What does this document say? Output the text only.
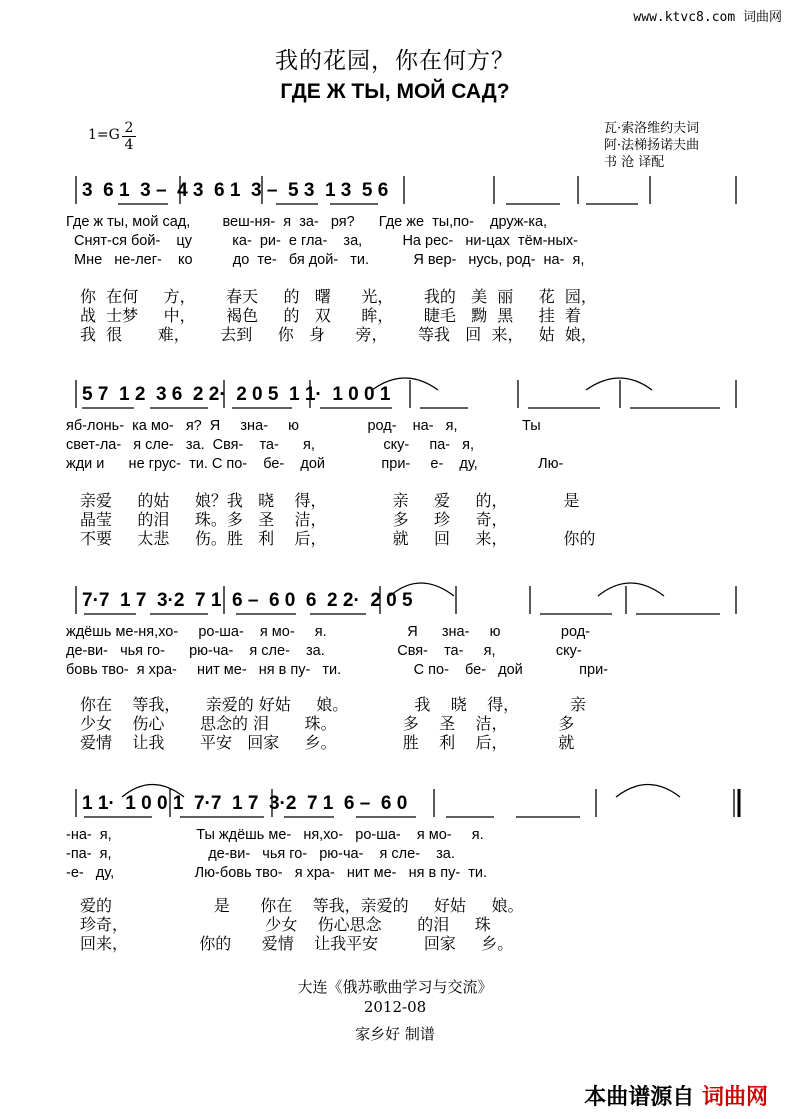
www.ktvc8.com 词曲网
我的花园，你在何方？
ГДЕ Ж ТЫ, МОЙ САД?
$1=G \frac{2}{4}$	瓦·索洛维约夫词
阿·法梯扬诺夫曲
书 沧 译配
3  6 1  3 –  4 3  6 1  3 –  5 3  1 3  5 6
Где ж ты, мой сад,        веш-ня-  я  за-   ря?      Где же  ты,по-    друж-ка,
Снят-ся бой-    цу          ка-  ри-  е гла-    за,          На рес-   ни-цах  тём-ных-
Мне   не-лег-    ко          до  те-   бя дой-   ти.           Я вер-   нусь, род-  на-  я,
你  在何     方，      春天     的   曙      光，      我的   美  丽     花  园，
战  士梦     中，      褐色     的   双      眸，      睫毛   黝  黑     挂  着
我  很       难，      去到     你   身      旁，      等我   回  来，   姑  娘，
5 7  1 2  3 6  2 2·  2 0 5  1 1·  1 0 0 1
яб-лонь-  ка мо-   я?  Я     зна-     ю                 род-    на-   я,                Ты
свет-ла-   я сле-   за.  Свя-    та-      я,                 ску-     па-   я,
жди и      не грус-  ти. С по-    бе-    дой              при-     е-    ду,               Лю-
亲爱     的姑     娘？我   晓    得，             亲     爱     的，           是
晶莹     的泪     珠。多   圣    洁，             多     珍     奇，
不要     太悲     伤。胜   利    后，             就     回     来，           你的
7·7  1 7  3·2  7 1  6 –  6 0  6  2 2·  2 0 5
ждёшь ме-ня,хо-     ро-ша-    я мо-     я.                    Я      зна-     ю               род-
де-ви-   чья го-      рю-ча-    я сле-    за.                  Свя-    та-     я,               ску-
бовь тво-  я хра-     нит ме-   ня в пу-   ти.                  С по-    бе-   дой              при-
你在    等我，     亲爱的 好姑     娘。             我    晓    得，          亲
少女    伤心       思念的 泪       珠。             多    圣    洁，          多
爱情    让我       平安   回家     乡。             胜    利    后，          就
1 1·  1 0 0 1  7·7  1 7  3·2  7 1  6 –  6 0
-на-  я,                     Ты ждёшь ме-   ня,хо-   ро-ша-    я мо-     я.
-па-  я,                        де-ви-   чья го-   рю-ча-    я сле-    за.
-е-   ду,                    Лю-бовь тво-   я хра-   нит ме-   ня в пу-  ти.
爱的                    是      你在    等我，亲爱的     好姑     娘。
珍奇，                           少女    伤心思念       的泪     珠
回来，              你的      爱情    让我平安         回家     乡。
大连《俄苏歌曲学习与交流》
2012-08
家乡好 制谱
本曲谱源自 词曲网
